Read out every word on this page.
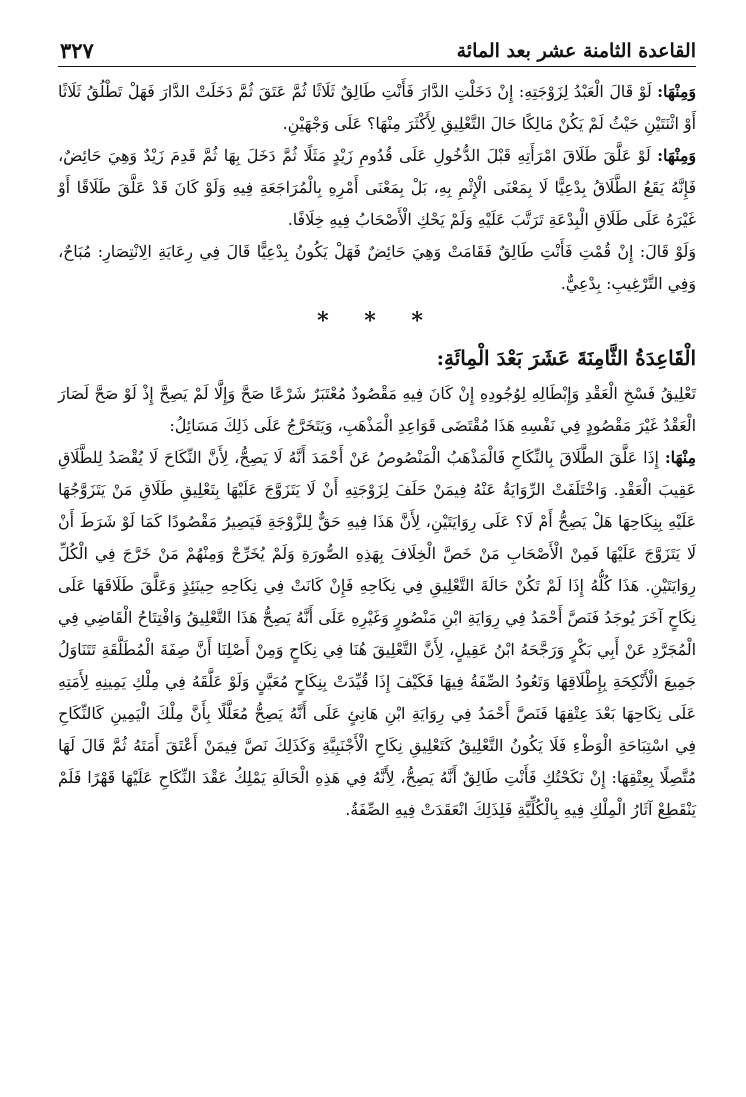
القاعدة الثامنة عشر بعد المائة
٣٢٧

وَمِنْهَا: لَوْ قَالَ الْعَبْدُ لِزَوْجَتِهِ: إِنْ دَخَلْتِ الدَّارَ فَأَنْتِ طَالِقٌ ثَلَاثًا ثُمَّ عَتَقَ ثُمَّ دَخَلَتْ الدَّارَ فَهَلْ تَطْلُقُ ثَلَاثًا أَوْ اثْنَتَيْنِ حَيْثُ لَمْ يَكُنْ مَالِكًا حَالَ التَّعْلِيقِ لِأَكْثَرَ مِنْهَا؟ عَلَى وَجْهَيْنِ.

وَمِنْهَا: لَوْ عَلَّقَ طَلَاقَ امْرَأَتِهِ قَبْلَ الدُّخُولِ عَلَى قُدُومِ زَيْدٍ مَثَلًا ثُمَّ دَخَلَ بِهَا ثُمَّ قَدِمَ زَيْدٌ وَهِيَ حَائِضٌ، فَإِنَّهُ يَقَعُ الطَّلَاقُ بِدْعِيًّا لَا بِمَعْنَى الْإِثْمِ بِهِ، بَلْ بِمَعْنَى أَمْرِهِ بِالْمُرَاجَعَةِ فِيهِ وَلَوْ كَانَ قَدْ عَلَّقَ طَلَاقًا أَوْ غَيْرَهُ عَلَى طَلَاقِ الْبِدْعَةِ تَرَتَّبَ عَلَيْهِ وَلَمْ يَحْكِ الْأَصْحَابُ فِيهِ خِلَافًا.

وَلَوْ قَالَ: إِنْ قُمْتِ فَأَنْتِ طَالِقٌ فَقَامَتْ وَهِيَ حَائِضٌ فَهَلْ يَكُونُ بِدْعِيًّا قَالَ فِي رِعَايَةِ الِانْتِصَارِ: مُبَاحٌ، وَفِي التَّرْغِيبِ: بِدْعِيٌّ.

* * *
الْقَاعِدَةُ الثَّامِنَةَ عَشَرَ بَعْدَ الْمِائَةِ:

تَعْلِيقُ فَسْخِ الْعَقْدِ وَإِبْطَالِهِ لِوُجُودِهِ إِنْ كَانَ فِيهِ مَقْصُودٌ مُعْتَبَرٌ شَرْعًا صَحَّ وَإِلَّا لَمْ يَصِحَّ إِذْ لَوْ صَحَّ لَصَارَ الْعَقْدُ غَيْرَ مَقْصُودٍ فِي نَفْسِهِ هَذَا مُقْتَضَى قَوَاعِدِ الْمَذْهَبِ، وَيَتَخَرَّجُ عَلَى ذَلِكَ مَسَائِلُ:

مِنْهَا: إِذَا عَلَّقَ الطَّلَاقَ بِالنِّكَاحِ فَالْمَذْهَبُ الْمَنْصُوصُ عَنْ أَحْمَدَ أَنَّهُ لَا يَصِحُّ، لِأَنَّ النِّكَاحَ لَا يُقْصَدُ لِلطَّلَاقِ عَقِيبَ الْعَقْدِ. وَاخْتَلَفَتْ الرِّوَايَةُ عَنْهُ فِيمَنْ حَلَفَ لِزَوْجَتِهِ أَنْ لَا يَتَزَوَّجَ عَلَيْهَا بِتَعْلِيقِ طَلَاقِ مَنْ يَتَزَوَّجُهَا عَلَيْهِ بِنِكَاحِهَا هَلْ يَصِحُّ أَمْ لَا؟ عَلَى رِوَايَتَيْنِ، لِأَنَّ هَذَا فِيهِ حَقٌّ لِلزَّوْجَةِ فَيَصِيرُ مَقْصُودًا كَمَا لَوْ شَرَطَ أَنْ لَا يَتَزَوَّجَ عَلَيْهَا فَمِنْ الْأَصْحَابِ مَنْ خَصَّ الْخِلَافَ بِهَذِهِ الصُّورَةِ وَلَمْ يُخَرِّجْ وَمِنْهُمْ مَنْ خَرَّجَ فِي الْكُلِّ رِوَايَتَيْنِ. هَذَا كُلُّهُ إِذَا لَمْ تَكُنْ حَالَةَ التَّعْلِيقِ فِي نِكَاحِهِ فَإِنْ كَانَتْ فِي نِكَاحِهِ حِينَئِذٍ وَعَلَّقَ طَلَاقَهَا عَلَى نِكَاحٍ آخَرَ يُوجَدُ فَنَصَّ أَحْمَدُ فِي رِوَايَةِ ابْنِ مَنْصُورٍ وَغَيْرِهِ عَلَى أَنَّهُ يَصِحُّ هَذَا التَّعْلِيقُ وَافْتِتَاحُ الْقَاضِي فِي الْمُجَرَّدِ عَنْ أَبِي بَكْرٍ وَرَجَّحَهُ ابْنُ عَقِيلٍ، لِأَنَّ التَّعْلِيقَ هُنَا فِي نِكَاحٍ وَمِنْ أَصْلِنَا أَنَّ صِفَةَ الْمُطَلَّقَةِ تَتَنَاوَلُ جَمِيعَ الْأَنْكِحَةِ بِإِطْلَاقِهَا وَتَعُودُ الصِّفَةُ فِيهَا فَكَيْفَ إِذَا قُيِّدَتْ بِنِكَاحٍ مُعَيَّنٍ وَلَوْ عَلَّقَهُ فِي مِلْكِ يَمِينِهِ لِأَمَتِهِ عَلَى نِكَاحِهَا بَعْدَ عِتْقِهَا فَنَصَّ أَحْمَدُ فِي رِوَايَةِ ابْنِ هَانِئٍ عَلَى أَنَّهُ يَصِحُّ مُعَلَّلًا بِأَنَّ مِلْكَ الْيَمِينِ كَالنِّكَاحِ فِي اسْتِبَاحَةِ الْوَطْءِ فَلَا يَكُونُ التَّعْلِيقُ كَتَعْلِيقِ نِكَاحِ الْأَجْنَبِيَّةِ وَكَذَلِكَ نَصَّ فِيمَنْ أَعْتَقَ أَمَتَهُ ثُمَّ قَالَ لَهَا مُتَّصِلًا بِعِتْقِهَا: إِنْ نَكَحْتُكِ فَأَنْتِ طَالِقٌ أَنَّهُ يَصِحُّ، لِأَنَّهُ فِي هَذِهِ الْحَالَةِ يَمْلِكُ عَقْدَ النِّكَاحِ عَلَيْهَا قَهْرًا فَلَمْ يَنْقَطِعْ آثَارُ الْمِلْكِ فِيهِ بِالْكُلِّيَّةِ فَلِذَلِكَ انْعَقَدَتْ فِيهِ الصِّفَةُ.
